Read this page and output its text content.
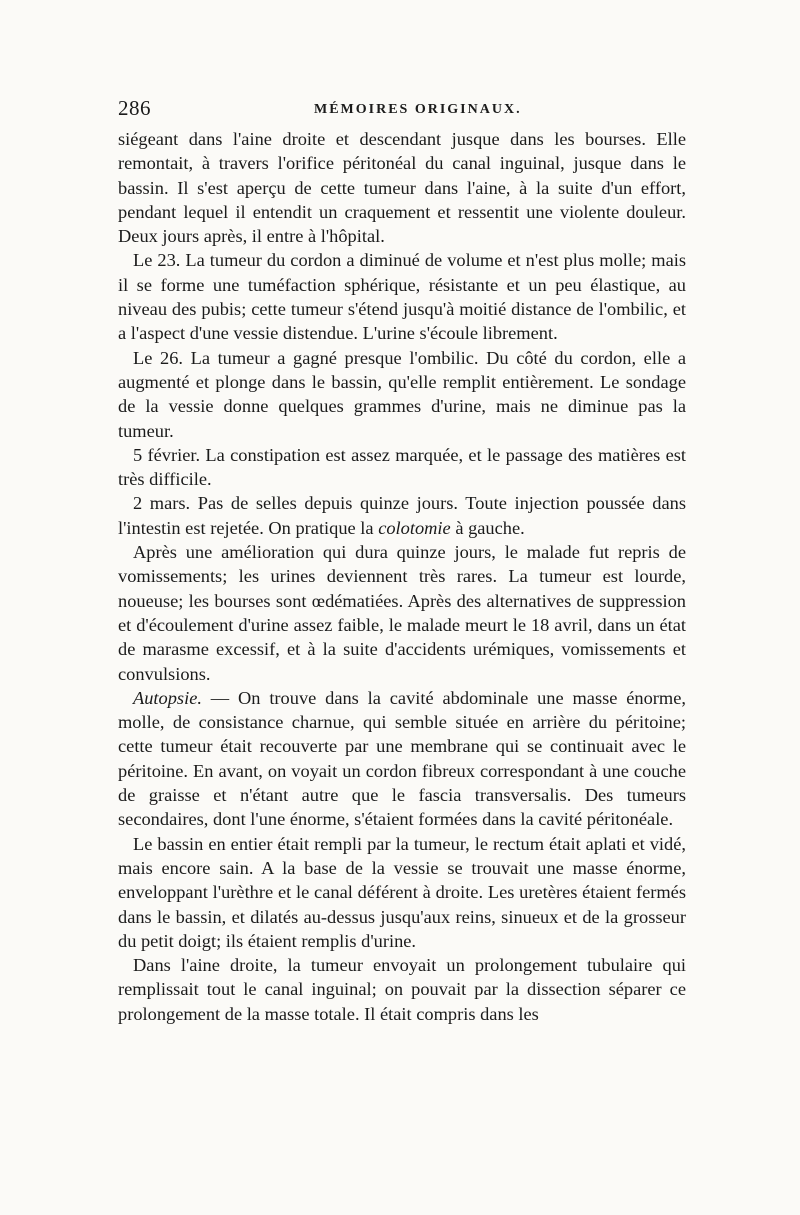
286	MÉMOIRES ORIGINAUX.

siégeant dans l'aine droite et descendant jusque dans les bourses. Elle remontait, à travers l'orifice péritonéal du canal inguinal, jusque dans le bassin. Il s'est aperçu de cette tumeur dans l'aine, à la suite d'un effort, pendant lequel il entendit un craquement et ressentit une violente douleur. Deux jours après, il entre à l'hôpital.

Le 23. La tumeur du cordon a diminué de volume et n'est plus molle; mais il se forme une tuméfaction sphérique, résistante et un peu élastique, au niveau des pubis; cette tumeur s'étend jusqu'à moitié distance de l'ombilic, et a l'aspect d'une vessie distendue. L'urine s'écoule librement.

Le 26. La tumeur a gagné presque l'ombilic. Du côté du cordon, elle a augmenté et plonge dans le bassin, qu'elle remplit entièrement. Le sondage de la vessie donne quelques grammes d'urine, mais ne diminue pas la tumeur.

5 février. La constipation est assez marquée, et le passage des matières est très difficile.

2 mars. Pas de selles depuis quinze jours. Toute injection poussée dans l'intestin est rejetée. On pratique la colotomie à gauche.

Après une amélioration qui dura quinze jours, le malade fut repris de vomissements; les urines deviennent très rares. La tumeur est lourde, noueuse; les bourses sont œdématiées. Après des alternatives de suppression et d'écoulement d'urine assez faible, le malade meurt le 18 avril, dans un état de marasme excessif, et à la suite d'accidents urémiques, vomissements et convulsions.

Autopsie. — On trouve dans la cavité abdominale une masse énorme, molle, de consistance charnue, qui semble située en arrière du péritoine; cette tumeur était recouverte par une membrane qui se continuait avec le péritoine. En avant, on voyait un cordon fibreux correspondant à une couche de graisse et n'étant autre que le fascia transversalis. Des tumeurs secondaires, dont l'une énorme, s'étaient formées dans la cavité péritonéale.

Le bassin en entier était rempli par la tumeur, le rectum était aplati et vidé, mais encore sain. A la base de la vessie se trouvait une masse énorme, enveloppant l'urèthre et le canal déférent à droite. Les uretères étaient fermés dans le bassin, et dilatés au-dessus jusqu'aux reins, sinueux et de la grosseur du petit doigt; ils étaient remplis d'urine.

Dans l'aine droite, la tumeur envoyait un prolongement tubulaire qui remplissait tout le canal inguinal; on pouvait par la dissection séparer ce prolongement de la masse totale. Il était compris dans les
